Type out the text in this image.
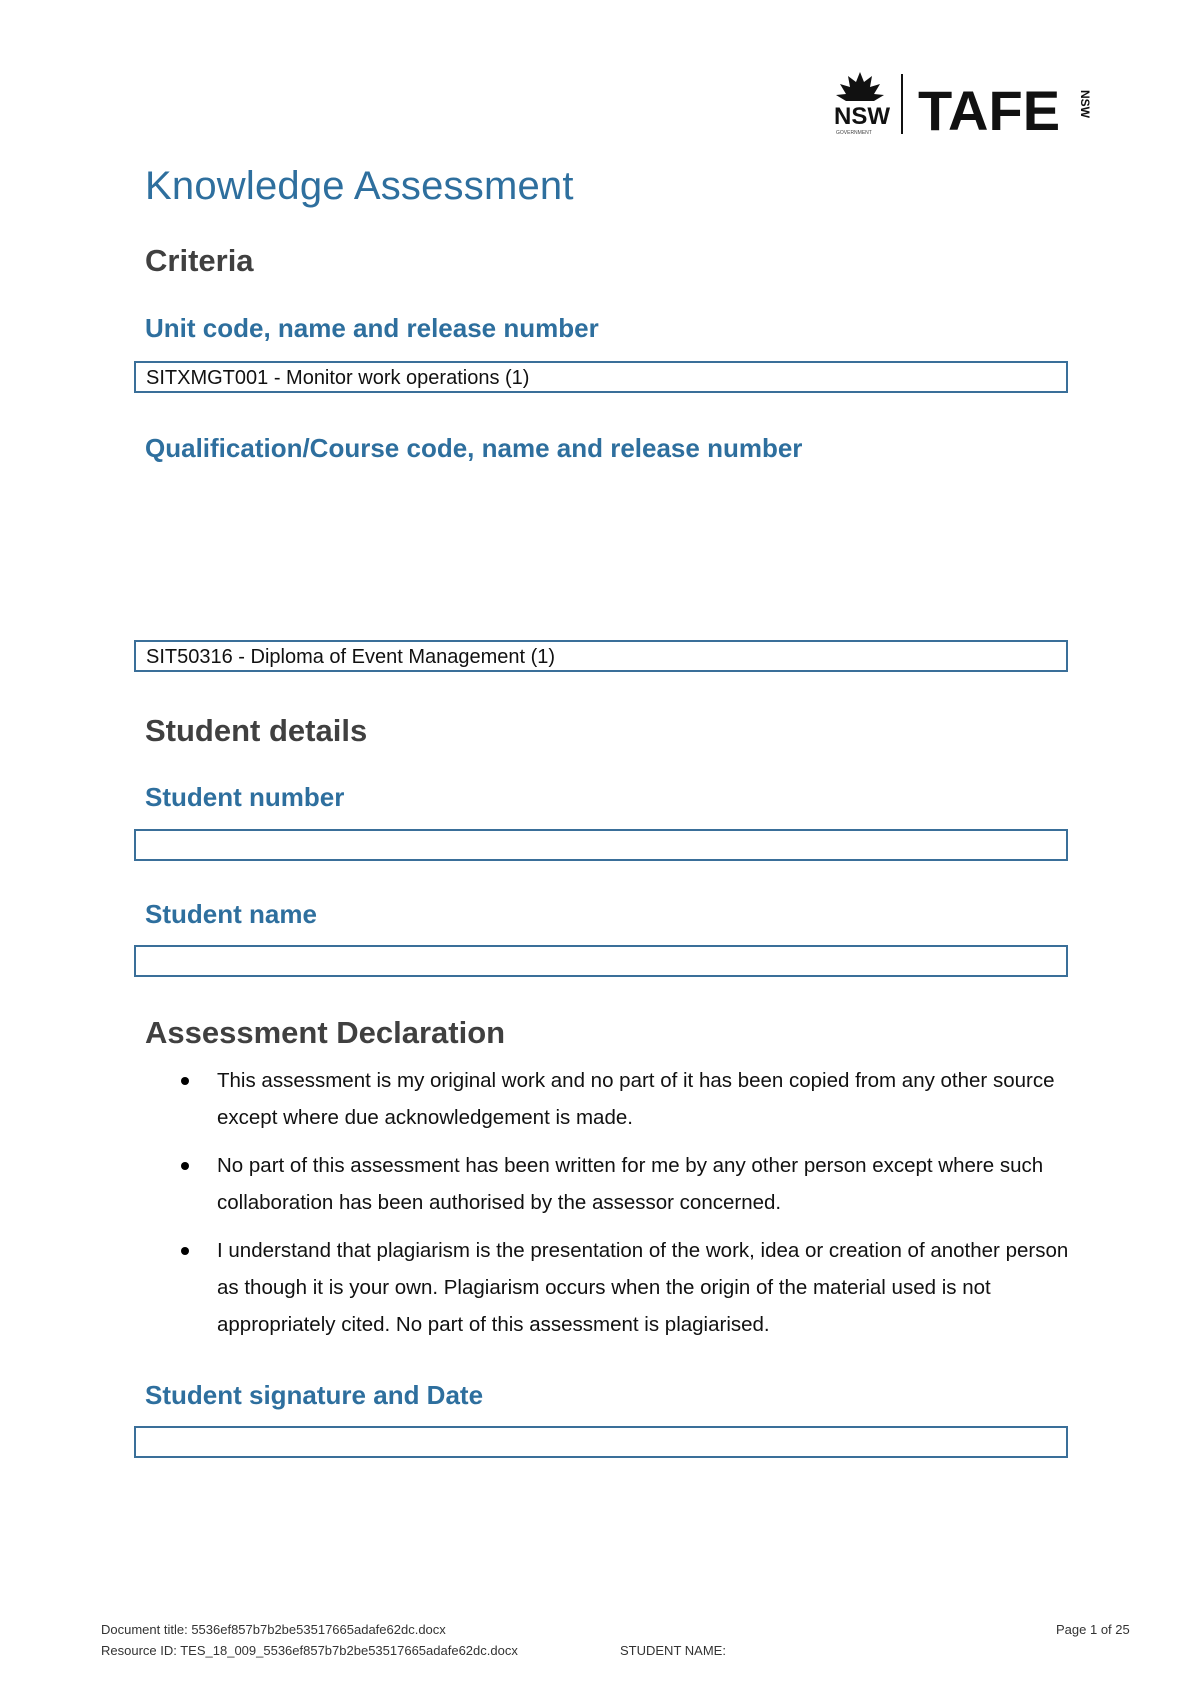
NSW
GOVERNMENT TAFE NSW
Knowledge Assessment
Criteria
Unit code, name and release number
SITXMGT001 - Monitor work operations (1)
Qualification/Course code, name and release number
SIT50316 - Diploma of Event Management (1)
Student details
Student number
Student name
Assessment Declaration
This assessment is my original work and no part of it has been copied from any other source except where due acknowledgement is made.
No part of this assessment has been written for me by any other person except where such collaboration has been authorised by the assessor concerned.
I understand that plagiarism is the presentation of the work, idea or creation of another person as though it is your own. Plagiarism occurs when the origin of the material used is not appropriately cited. No part of this assessment is plagiarised.
Student signature and Date
Document title: 5536ef857b7b2be53517665adafe62dc.docx	Page 1 of 25
Resource ID: TES_18_009_5536ef857b7b2be53517665adafe62dc.docx	STUDENT NAME:
